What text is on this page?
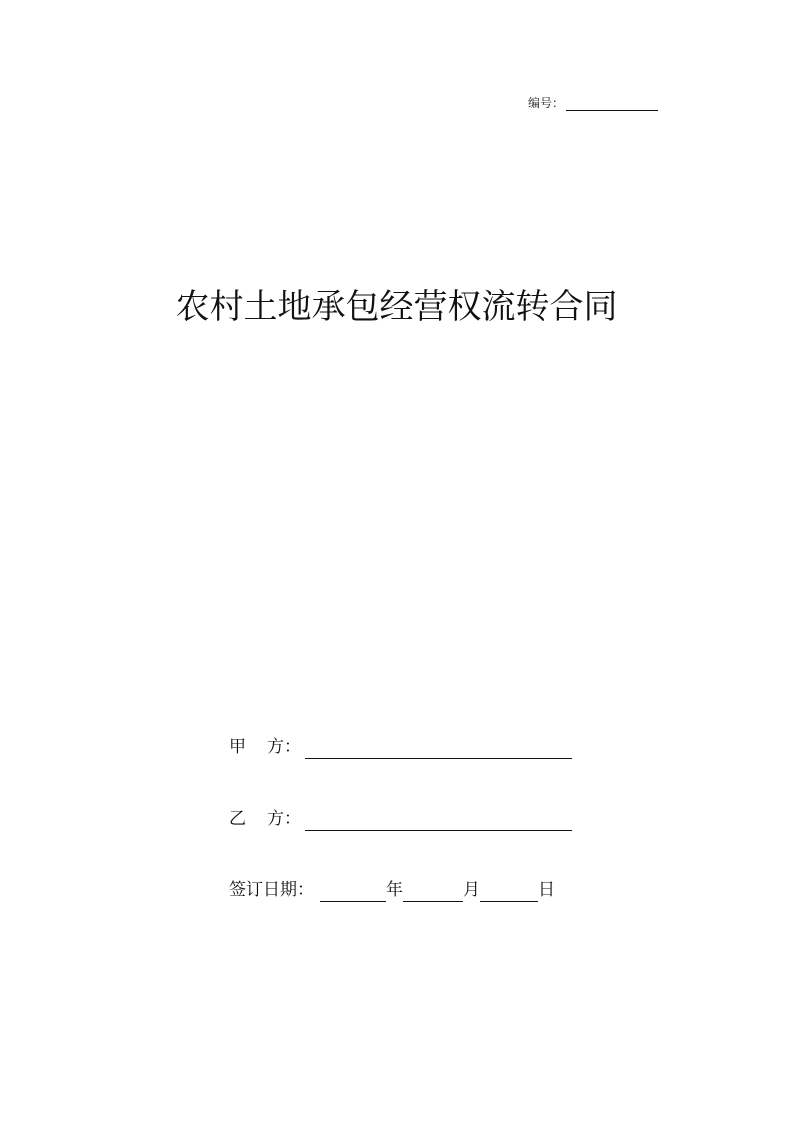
编号：
农村土地承包经营权流转合同
甲 方：
乙 方：
签订日期：	年	月	日
